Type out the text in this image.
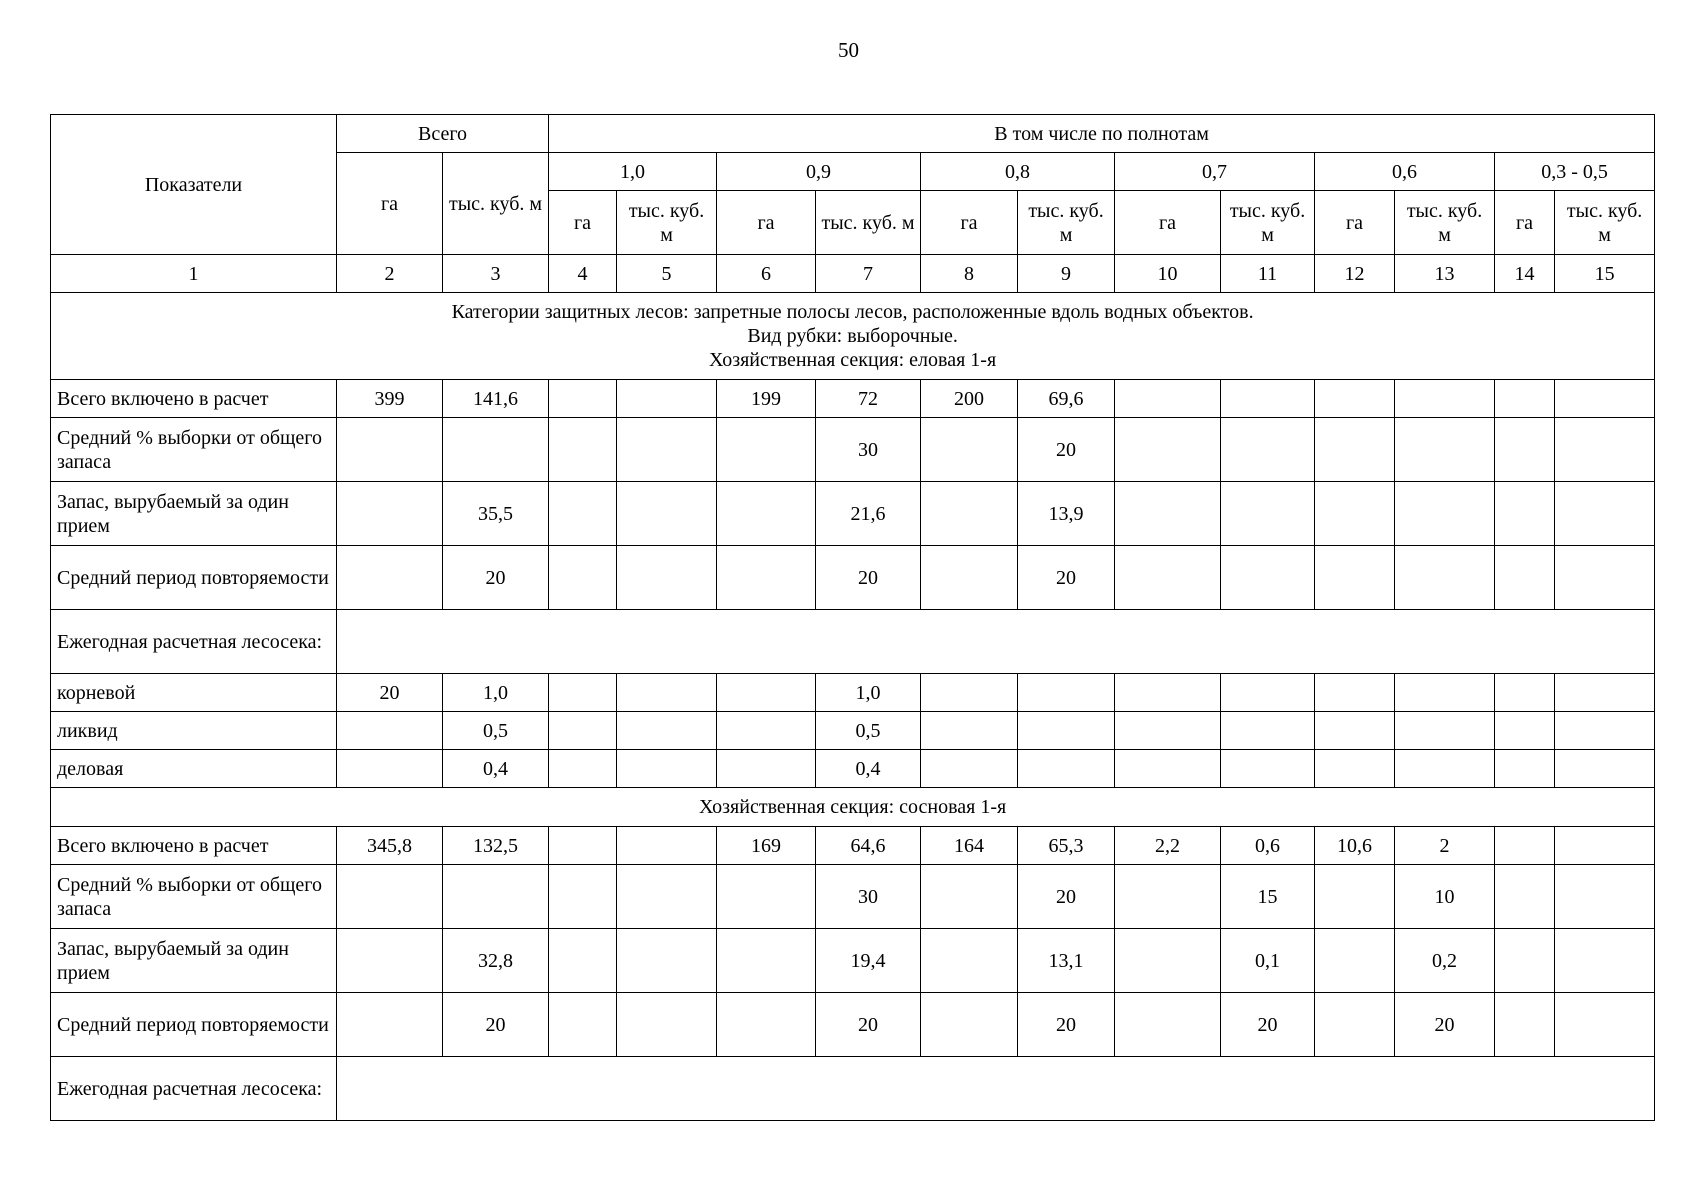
50
Показатели	Всего		В том числе по полнотам											
	га	тыс. куб. м	1,0		0,9		0,8		0,7		0,6		0,3 - 0,5	
			га	тыс. куб. м	га	тыс. куб. м	га	тыс. куб. м	га	тыс. куб. м	га	тыс. куб. м	га	тыс. куб. м
1	2	3	4	5	6	7	8	9	10	11	12	13	14	15

Категории защитных лесов: запретные полосы лесов, расположенные вдоль водных объектов.
Вид рубки: выборочные.
Хозяйственная секция: еловая 1-я														

Всего включено в расчет	399	141,6			199	72	200	69,6						
Средний % выборки от общего запаса						30		20						
Запас, вырубаемый за один прием		35,5				21,6		13,9						
Средний период повторяемости		20				20		20						
Ежегодная расчетная лесосека:														
корневой	20	1,0				1,0								
ликвид		0,5				0,5								
деловая		0,4				0,4								
Хозяйственная секция: сосновая 1-я														
Всего включено в расчет	345,8	132,5			169	64,6	164	65,3	2,2	0,6	10,6	2		
Средний % выборки от общего запаса						30		20		15		10		
Запас, вырубаемый за один прием		32,8				19,4		13,1		0,1		0,2		
Средний период повторяемости		20				20		20		20		20		
Ежегодная расчетная лесосека:														
